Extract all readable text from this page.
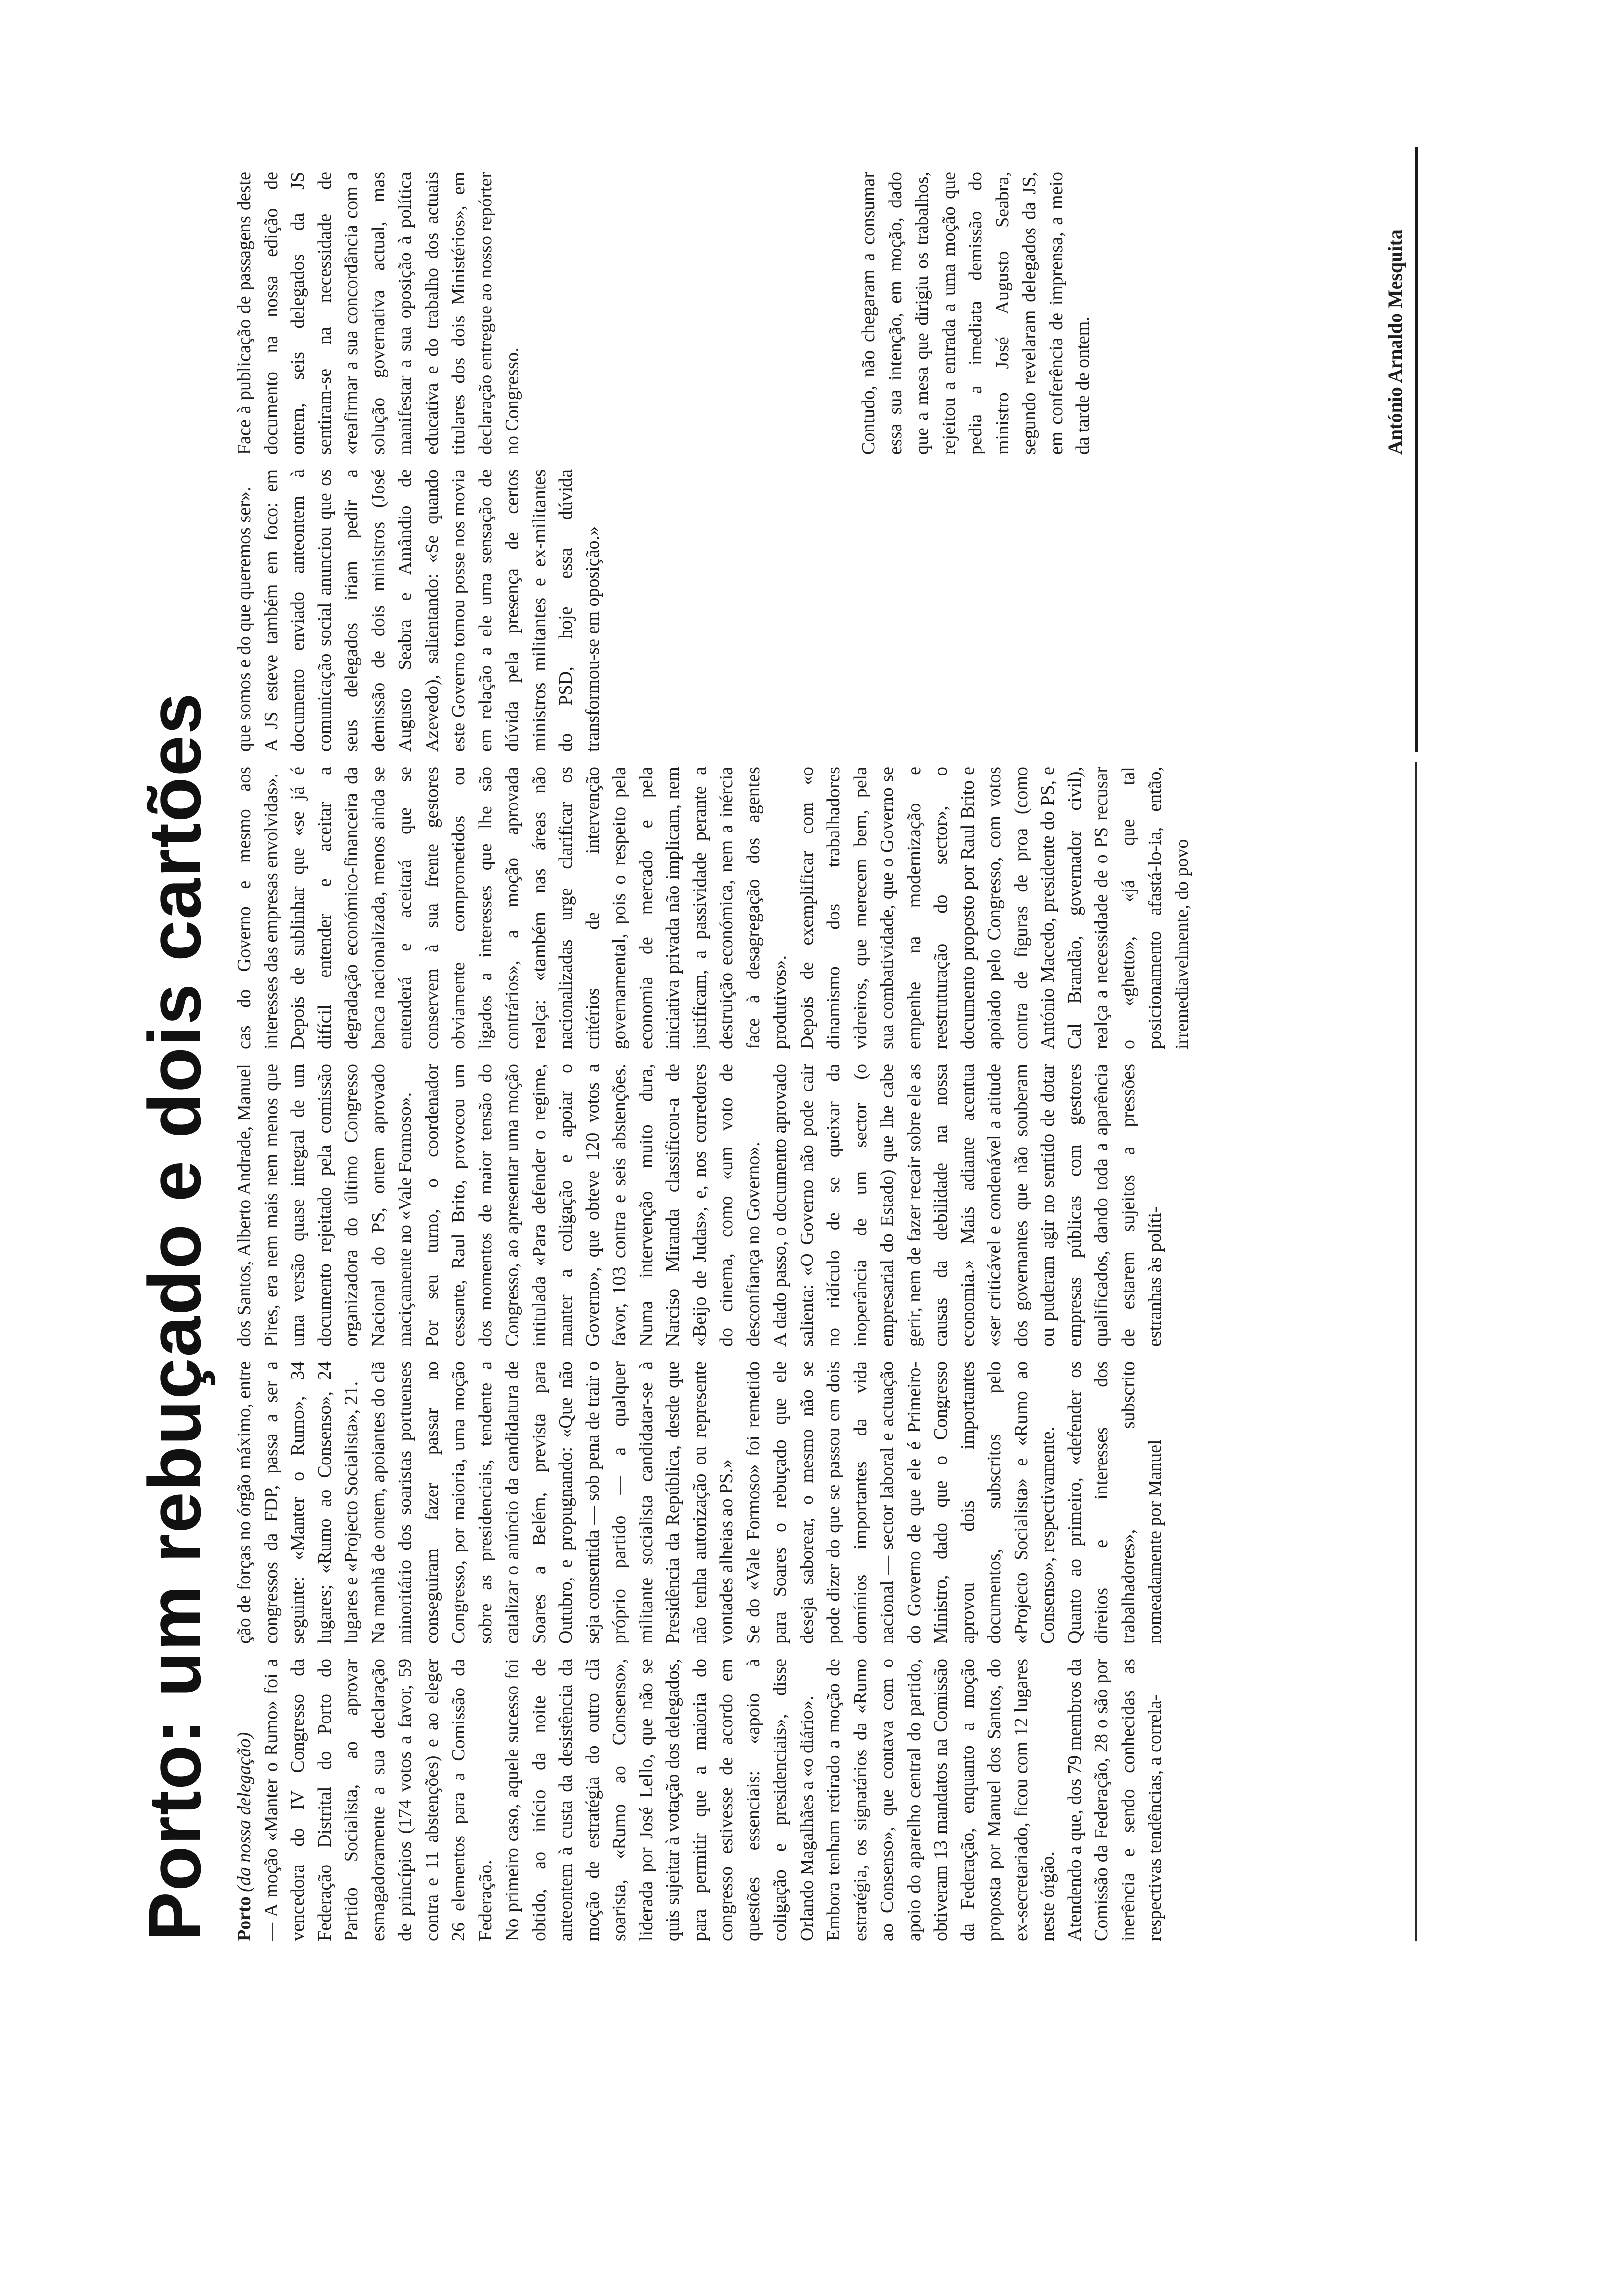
Porto: um rebuçado e dois cartões Porto (da nossa delegação)
— A moção «Manter o Rumo» foi a vencedora do IV Congresso da Federação Distrital do Porto do Partido Socialista, ao aprovar esmagadoramente a sua declaração de princípios (174 votos a favor, 59 contra e 11 abstenções) e ao eleger 26 elementos para a Comissão da Federação.
No primeiro caso, aquele sucesso foi obtido, ao início da noite de anteontem à custa da desistência da moção de estratégia do outro clã soarista, «Rumo ao Consenso», liderada por José Lello, que não se quis sujeitar à votação dos delegados, para permitir que a maioria do congresso estivesse de acordo em questões essenciais: «apoio à coligação e presidenciais», disse Orlando Magalhães a «o diário».
Embora tenham retirado a moção de estratégia, os signatários da «Rumo ao Consenso», que contava com o apoio do aparelho central do partido, obtiveram 13 mandatos na Comissão da Federação, enquanto a moção proposta por Manuel dos Santos, do ex-secretariado, ficou com 12 lugares neste órgão.
Atendendo a que, dos 79 membros da Comissão da Federação, 28 o são por inerência e sendo conhecidas as respectivas tendências, a correla-
ção de forças no órgão máximo, entre congressos da FDP, passa a ser a seguinte: «Manter o Rumo», 34 lugares; «Rumo ao Consenso», 24 lugares e «Projecto Socialista», 21.
Na manhã de ontem, apoiantes do clã minoritário dos soaristas portuenses conseguiram fazer passar no Congresso, por maioria, uma moção sobre as presidenciais, tendente a catalizar o anúncio da candidatura de Soares a Belém, prevista para Outubro, e propugnando: «Que não seja consentida — sob pena de trair o próprio partido — a qualquer militante socialista candidatar-se à Presidência da República, desde que não tenha autorização ou represente vontades alheias ao PS.»
Se do «Vale Formoso» foi remetido para Soares o rebuçado que ele deseja saborear, o mesmo não se pode dizer do que se passou em dois domínios importantes da vida nacional — sector laboral e actuação do Governo de que ele é Primeiro-Ministro, dado que o Congresso aprovou dois importantes documentos, subscritos pelo «Projecto Socialista» e «Rumo ao Consenso», respectivamente.
Quanto ao primeiro, «defender os direitos e interesses dos trabalhadores», subscrito nomeadamente por Manuel
dos Santos, Alberto Andrade, Manuel Pires, era nem mais nem menos que uma versão quase integral de um documento rejeitado pela comissão organizadora do último Congresso Nacional do PS, ontem aprovado maciçamente no «Vale Formoso».
Por seu turno, o coordenador cessante, Raul Brito, provocou um dos momentos de maior tensão do Congresso, ao apresentar uma moção intitulada «Para defender o regime, manter a coligação e apoiar o Governo», que obteve 120 votos a favor, 103 contra e seis abstenções. Numa intervenção muito dura, Narciso Miranda classificou-a de «Beijo de Judas», e, nos corredores do cinema, como «um voto de desconfiança no Governo».
A dado passo, o documento aprovado salienta: «O Governo não pode cair no ridículo de se queixar da inoperância de um sector (o empresarial do Estado) que lhe cabe gerir, nem de fazer recair sobre ele as causas da debilidade na nossa economia.» Mais adiante acentua «ser criticável e condenável a atitude dos governantes que não souberam ou puderam agir no sentido de dotar empresas públicas com gestores qualificados, dando toda a aparência de estarem sujeitos a pressões estranhas às políti-
cas do Governo e mesmo aos interesses das empresas envolvidas».
Depois de sublinhar que «se já é difícil entender e aceitar a degradação económico-financeira da banca nacionalizada, menos ainda se entenderá e aceitará que se conservem à sua frente gestores obviamente comprometidos ou ligados a interesses que lhe são contrários», a moção aprovada realça: «também nas áreas não nacionalizadas urge clarificar os critérios de intervenção governamental, pois o respeito pela economia de mercado e pela iniciativa privada não implicam, nem justificam, a passividade perante a destruição económica, nem a inércia face à desagregação dos agentes produtivos».
Depois de exemplificar com «o dinamismo dos trabalhadores vidreiros, que merecem bem, pela sua combatividade, que o Governo se empenhe na modernização e reestruturação do sector», o documento proposto por Raul Brito e apoiado pelo Congresso, com votos contra de figuras de proa (como António Macedo, presidente do PS, e Cal Brandão, governador civil), realça a necessidade de o PS recusar o «ghetto», «já que tal posicionamento afastá-lo-ia, então, irremediavelmente, do povo
que somos e do que queremos ser».
A JS esteve também em foco: em documento enviado anteontem à comunicação social anunciou que os seus delegados iriam pedir a demissão de dois ministros (José Augusto Seabra e Amândio de Azevedo), salientando: «Se quando este Governo tomou posse nos movia em relação a ele uma sensação de dúvida pela presença de certos ministros militantes e ex-militantes do PSD, hoje essa dúvida transformou-se em oposição.»
Face à publicação de passagens deste documento na nossa edição de ontem, seis delegados da JS sentiram-se na necessidade de «reafirmar a sua concordância com a solução governativa actual, mas manifestar a sua oposição à política educativa e do trabalho dos actuais titulares dos dois Ministérios», em declaração entregue ao nosso repórter no Congresso.	Contudo, não chegaram a consumar essa sua intenção, em moção, dado que a mesa que dirigiu os trabalhos, rejeitou a entrada a uma moção que pedia a imediata demissão do ministro José Augusto Seabra, segundo revelaram delegados da JS, em conferência de imprensa, a meio da tarde de ontem.	António Arnaldo Mesquita
